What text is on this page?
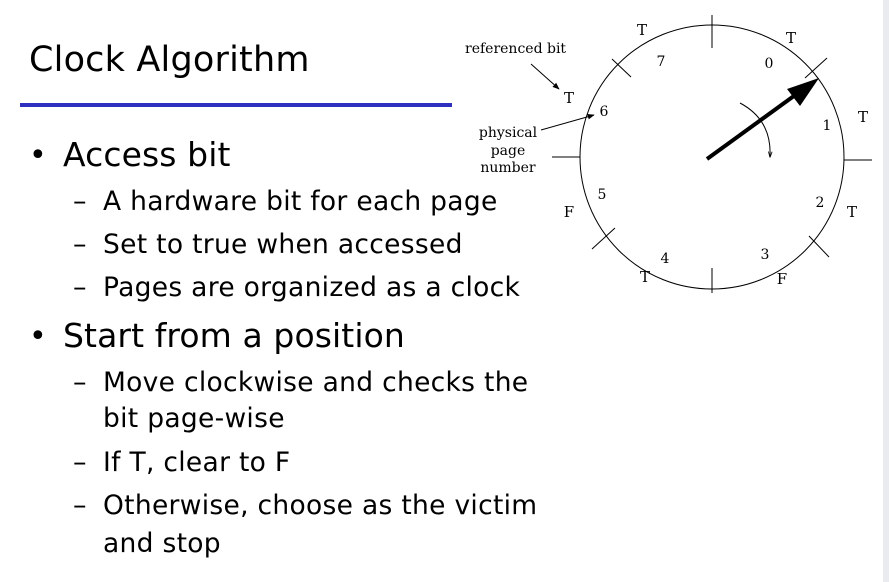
Clock Algorithm
• Access bit
– A hardware bit for each page
– Set to true when accessed
– Pages are organized as a clock
• Start from a position
– Move clockwise and checks the
bit page-wise
– If T, clear to F
– Otherwise, choose as the victim
and stop
0
1
2
3
4
5
6
7
T
T
T
F
T
F
T
T
referenced bit
physical
page
number
